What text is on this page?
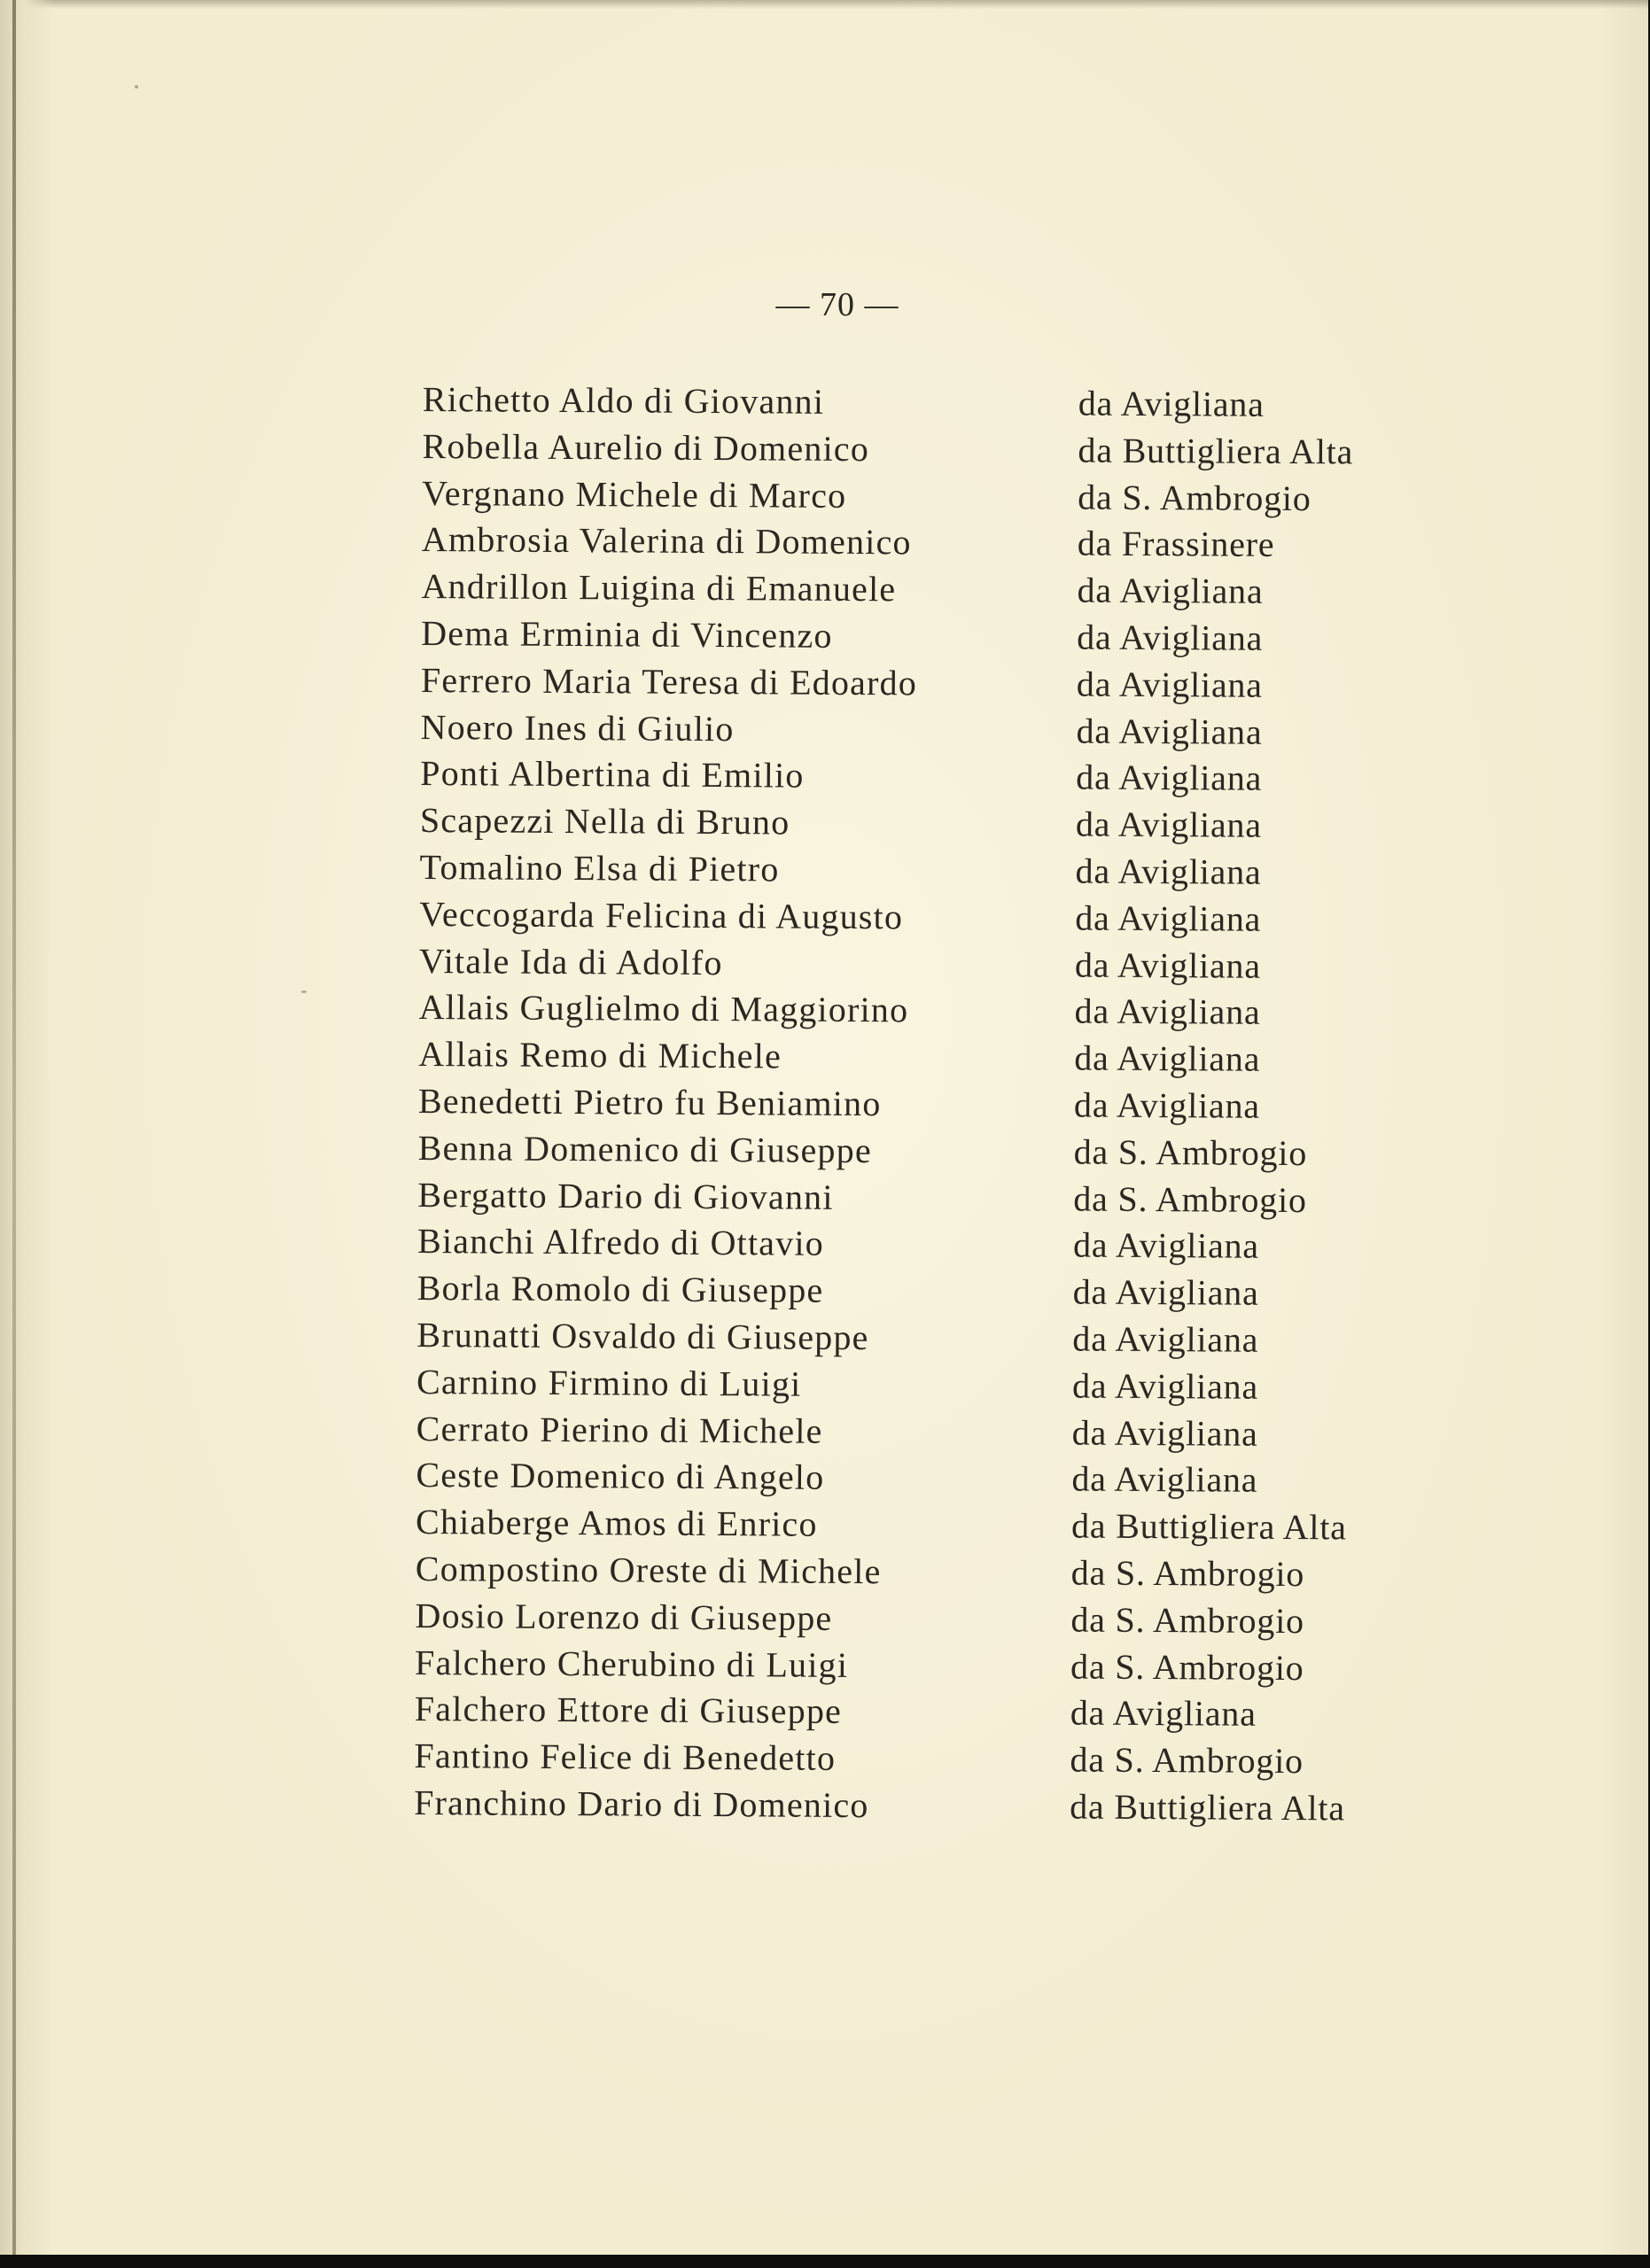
— 70 —
Richetto Aldo di Giovanni	da Avigliana
Robella Aurelio di Domenico	da Buttigliera Alta
Vergnano Michele di Marco	da S. Ambrogio
Ambrosia Valerina di Domenico	da Frassinere
Andrillon Luigina di Emanuele	da Avigliana
Dema Erminia di Vincenzo	da Avigliana
Ferrero Maria Teresa di Edoardo	da Avigliana
Noero Ines di Giulio	da Avigliana
Ponti Albertina di Emilio	da Avigliana
Scapezzi Nella di Bruno	da Avigliana
Tomalino Elsa di Pietro	da Avigliana
Veccogarda Felicina di Augusto	da Avigliana
Vitale Ida di Adolfo	da Avigliana
Allais Guglielmo di Maggiorino	da Avigliana
Allais Remo di Michele	da Avigliana
Benedetti Pietro fu Beniamino	da Avigliana
Benna Domenico di Giuseppe	da S. Ambrogio
Bergatto Dario di Giovanni	da S. Ambrogio
Bianchi Alfredo di Ottavio	da Avigliana
Borla Romolo di Giuseppe	da Avigliana
Brunatti Osvaldo di Giuseppe	da Avigliana
Carnino Firmino di Luigi	da Avigliana
Cerrato Pierino di Michele	da Avigliana
Ceste Domenico di Angelo	da Avigliana
Chiaberge Amos di Enrico	da Buttigliera Alta
Compostino Oreste di Michele	da S. Ambrogio
Dosio Lorenzo di Giuseppe	da S. Ambrogio
Falchero Cherubino di Luigi	da S. Ambrogio
Falchero Ettore di Giuseppe	da Avigliana
Fantino Felice di Benedetto	da S. Ambrogio
Franchino Dario di Domenico	da Buttigliera Alta
